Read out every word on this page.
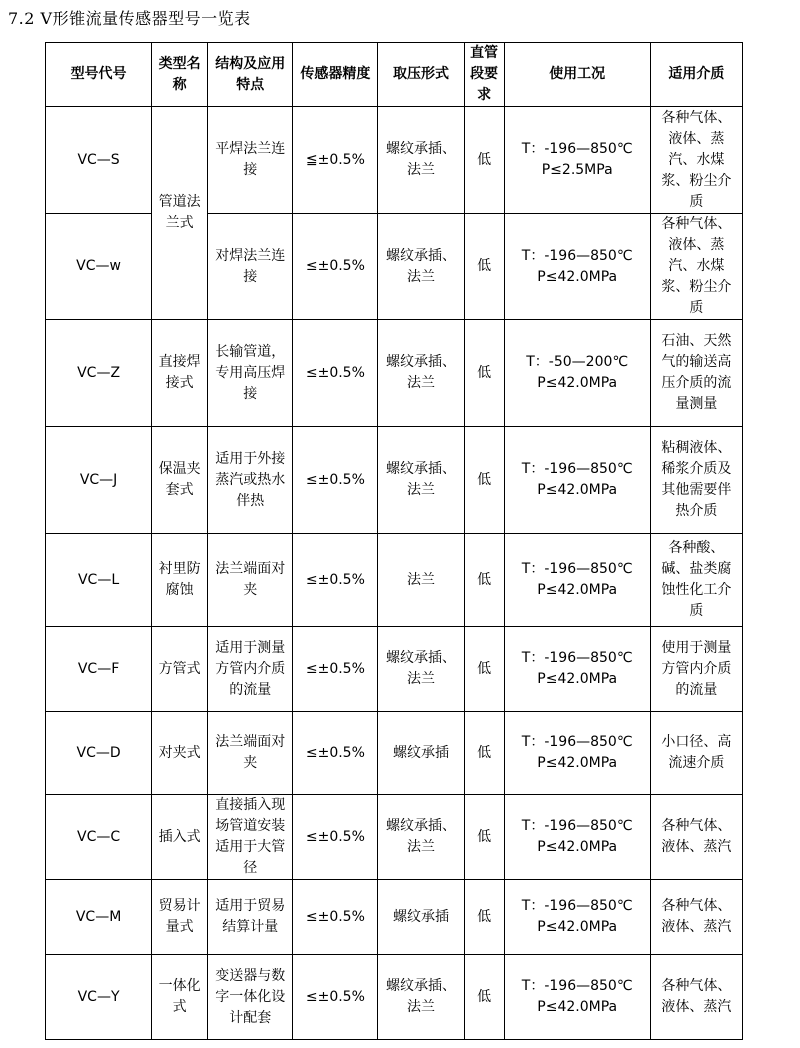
7.2 V形锥流量传感器型号一览表
型号代号	类型名称	结构及应用特点	传感器精度	取压形式	直管段要求	使用工况	适用介质
VC—S	管道法兰式	平焊法兰连接	≦±0.5%	螺纹承插、法兰	低	T：-196—850℃ P≤2.5MPa	各种气体、液体、蒸汽、水煤浆、粉尘介质
VC—w		对焊法兰连接	≤±0.5%	螺纹承插、法兰	低	T：-196—850℃ P≤42.0MPa	各种气体、液体、蒸汽、水煤浆、粉尘介质
VC—Z	直接焊接式	长输管道，专用高压焊接	≤±0.5%	螺纹承插、法兰	低	T：-50—200℃ P≤42.0MPa	石油、天然气的输送高压介质的流量测量
VC—J	保温夹套式	适用于外接蒸汽或热水伴热	≤±0.5%	螺纹承插、法兰	低	T：-196—850℃ P≤42.0MPa	粘稠液体、稀浆介质及其他需要伴热介质
VC—L	衬里防腐蚀	法兰端面对夹	≤±0.5%	法兰	低	T：-196—850℃ P≤42.0MPa	各种酸、碱、盐类腐蚀性化工介质
VC—F	方管式	适用于测量方管内介质的流量	≤±0.5%	螺纹承插、法兰	低	T：-196—850℃ P≤42.0MPa	使用于测量方管内介质的流量
VC—D	对夹式	法兰端面对夹	≤±0.5%	螺纹承插	低	T：-196—850℃ P≤42.0MPa	小口径、高流速介质
VC—C	插入式	直接插入现场管道安装适用于大管径	≤±0.5%	螺纹承插、法兰	低	T：-196—850℃ P≤42.0MPa	各种气体、液体、蒸汽
VC—M	贸易计量式	适用于贸易结算计量	≤±0.5%	螺纹承插	低	T：-196—850℃ P≤42.0MPa	各种气体、液体、蒸汽
VC—Y	一体化式	变送器与数字一体化设计配套	≤±0.5%	螺纹承插、法兰	低	T：-196—850℃ P≤42.0MPa	各种气体、液体、蒸汽
